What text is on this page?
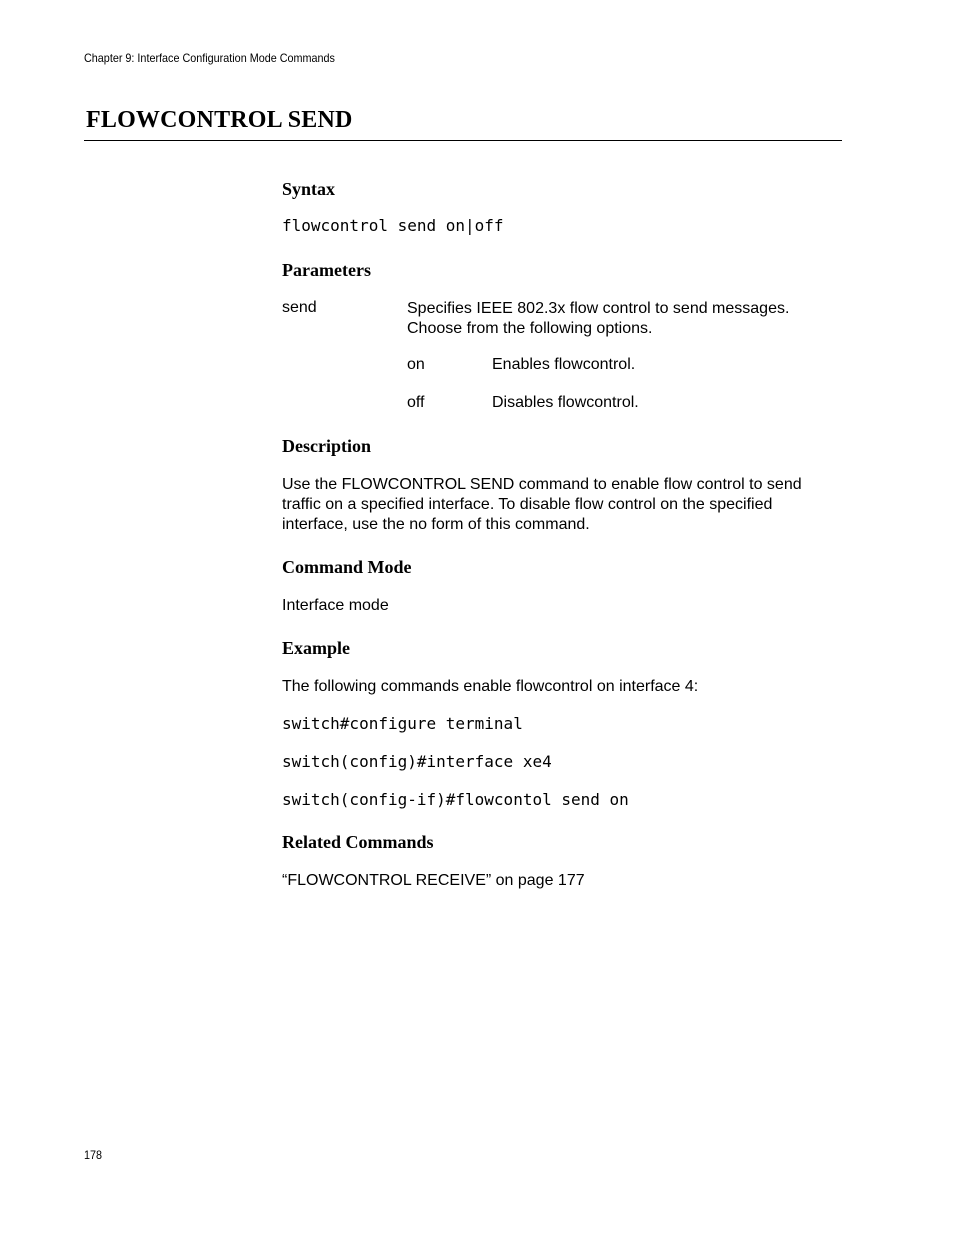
Chapter 9: Interface Configuration Mode Commands
FLOWCONTROL SEND
Syntax
flowcontrol send on|off
Parameters
send	Specifies IEEE 802.3x flow control to send messages. Choose from the following options.
on	Enables flowcontrol.
off	Disables flowcontrol.
Description

Use the FLOWCONTROL SEND command to enable flow control to send traffic on a specified interface. To disable flow control on the specified interface, use the no form of this command.

Command Mode

Interface mode

Example

The following commands enable flowcontrol on interface 4:

switch#configure terminal
switch(config)#interface xe4
switch(config-if)#flowcontol send on
Related Commands

“FLOWCONTROL RECEIVE” on page 177

178
